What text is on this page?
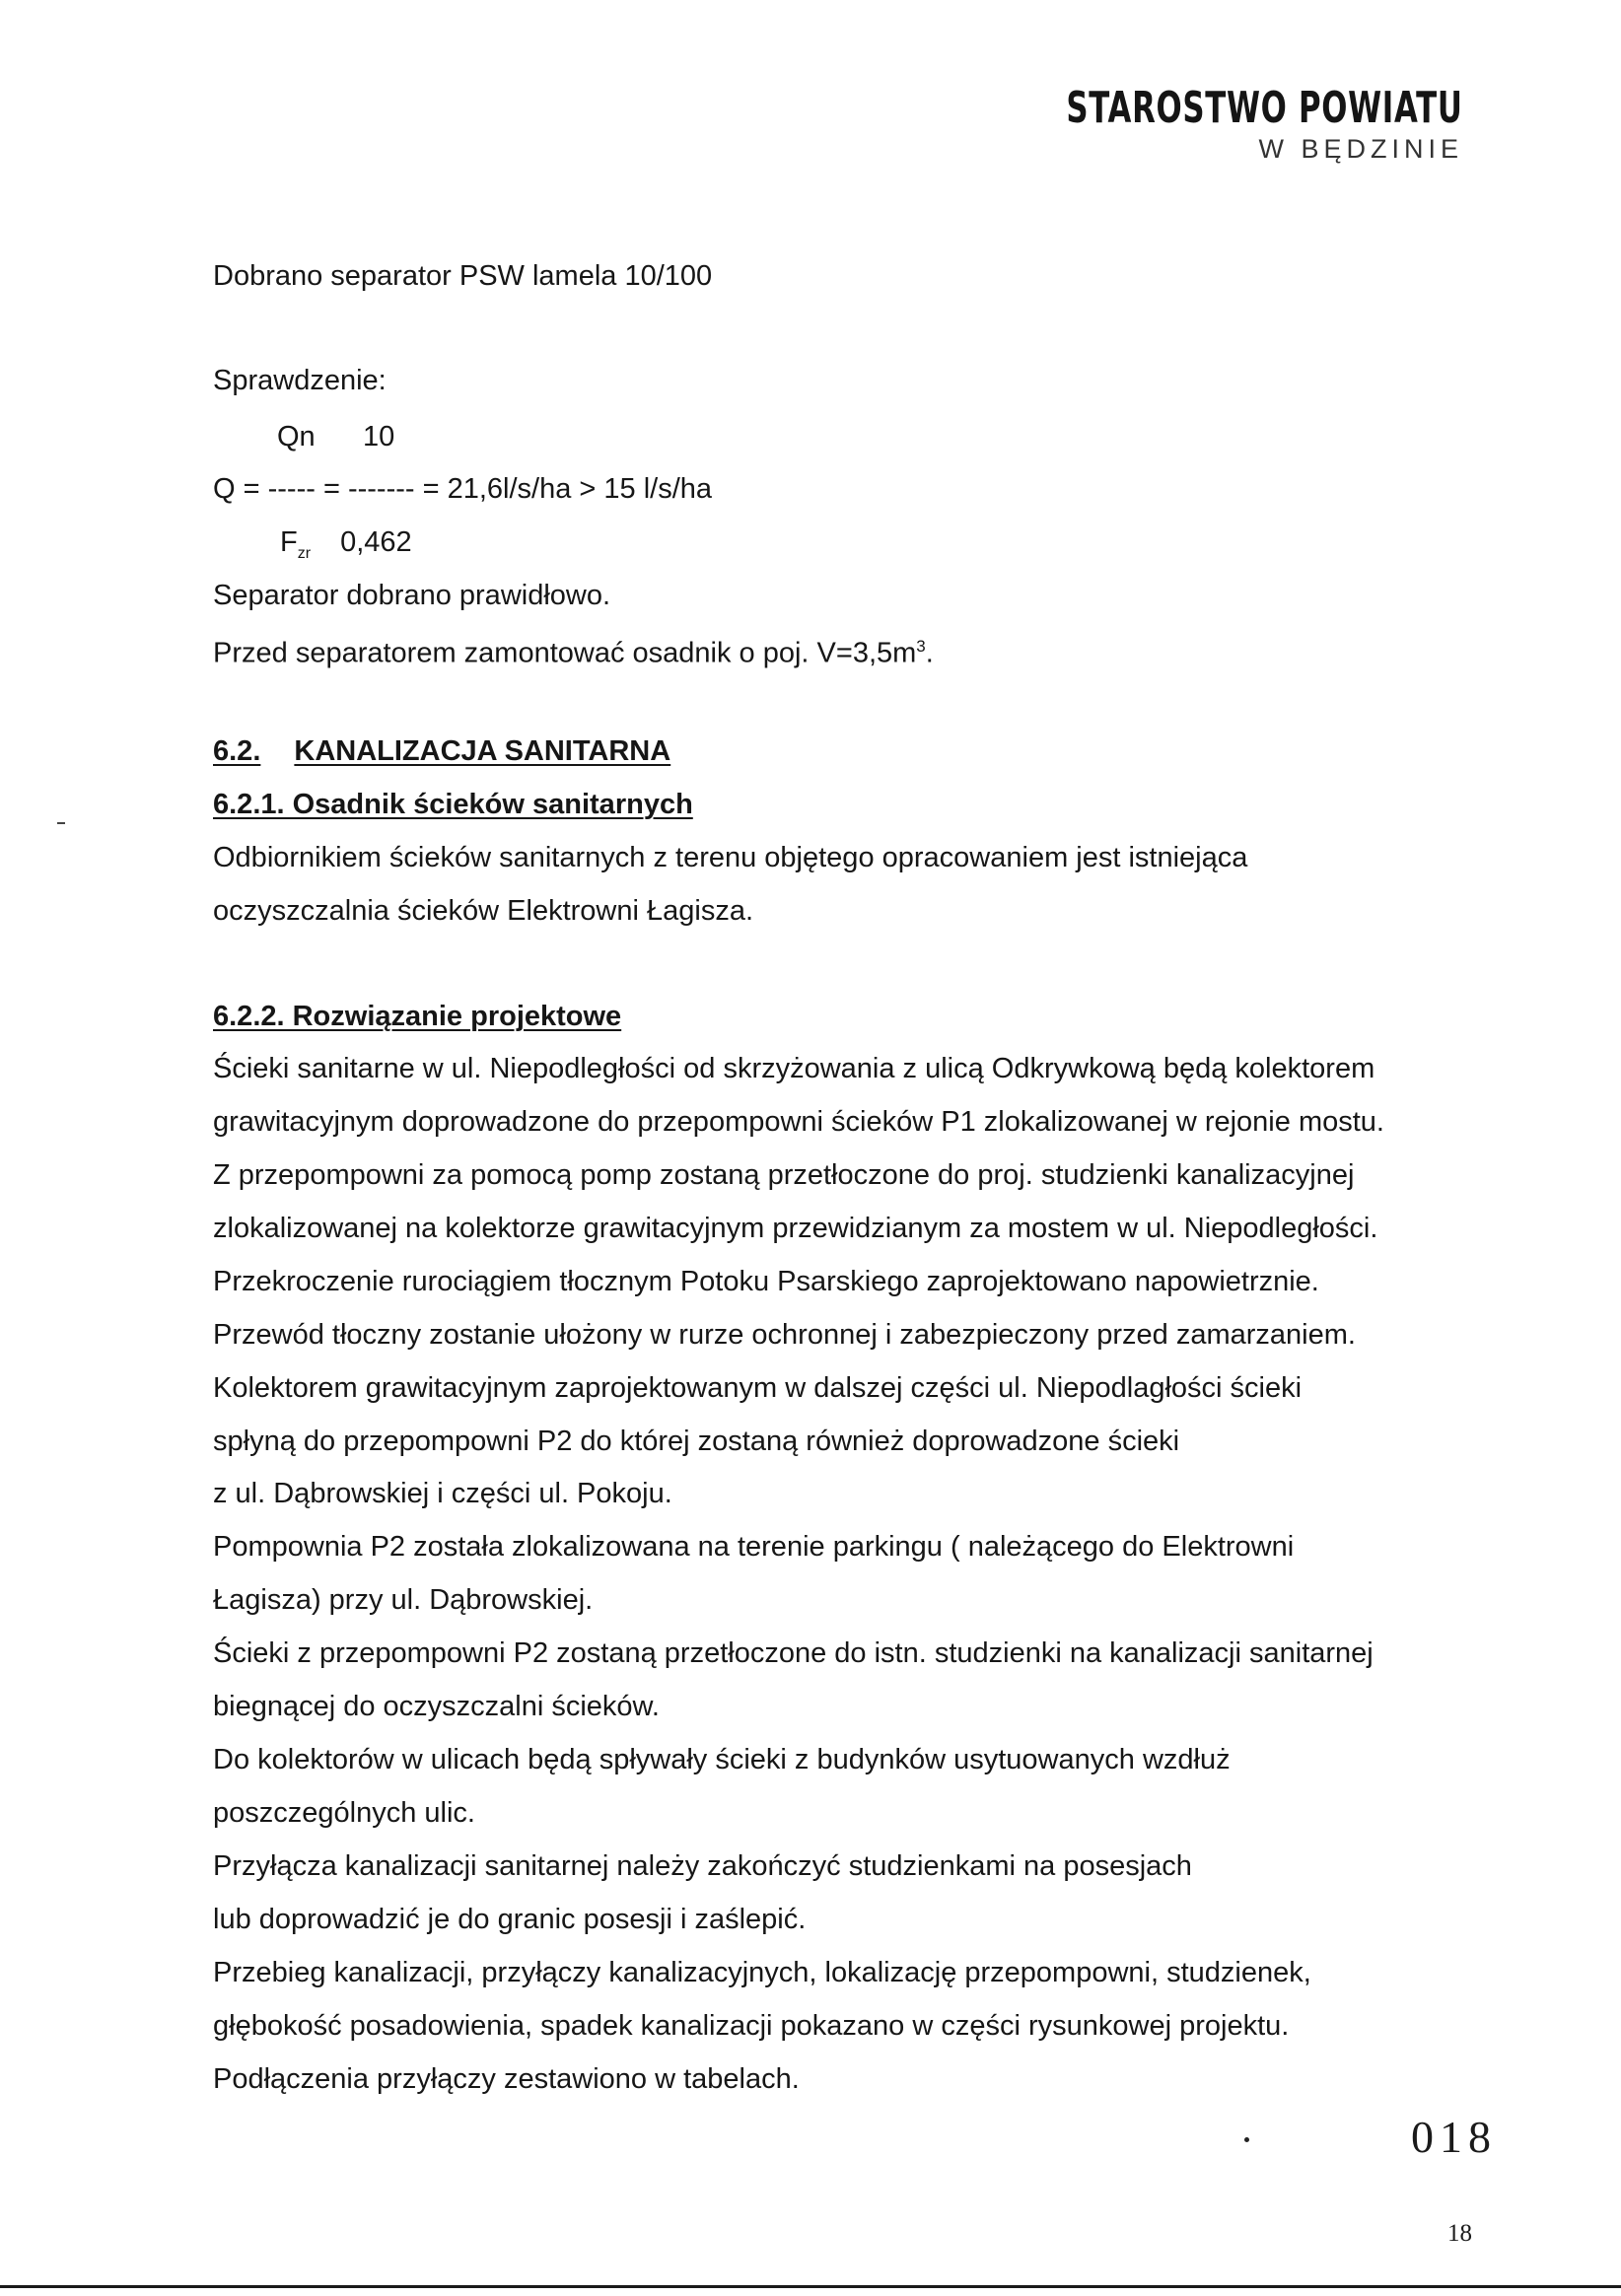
STAROSTWO POWIATU
W BĘDZINIE
Dobrano separator PSW lamela 10/100
Sprawdzenie:
Qn      10
Q = ----- = ------- = 21,6l/s/ha > 15 l/s/ha
$F_{zr}$ 0,462
Separator dobrano prawidłowo.
Przed separatorem zamontować osadnik o poj. $V=3,5m^3$.
6.2. KANALIZACJA SANITARNA
6.2.1. Osadnik ścieków sanitarnych
Odbiornikiem ścieków sanitarnych z terenu objętego opracowaniem jest istniejąca
oczyszczalnia ścieków Elektrowni Łagisza.
6.2.2. Rozwiązanie projektowe
Ścieki sanitarne w ul. Niepodległości od skrzyżowania z ulicą Odkrywkową będą kolektorem
grawitacyjnym doprowadzone do przepompowni ścieków P1 zlokalizowanej w rejonie mostu.
Z przepompowni za pomocą pomp zostaną przetłoczone do proj. studzienki kanalizacyjnej
zlokalizowanej na kolektorze grawitacyjnym przewidzianym za mostem w ul. Niepodległości.
Przekroczenie rurociągiem tłocznym Potoku Psarskiego zaprojektowano napowietrznie.
Przewód tłoczny zostanie ułożony w rurze ochronnej i zabezpieczony przed zamarzaniem.
Kolektorem grawitacyjnym zaprojektowanym w dalszej części ul. Niepodlagłości ścieki
spłyną do przepompowni P2 do której zostaną również doprowadzone ścieki
z ul. Dąbrowskiej i części ul. Pokoju.
Pompownia P2 została zlokalizowana na terenie parkingu ( należącego do Elektrowni
Łagisza) przy ul. Dąbrowskiej.
Ścieki z przepompowni P2 zostaną przetłoczone do istn. studzienki na kanalizacji sanitarnej
biegnącej do oczyszczalni ścieków.
Do kolektorów w ulicach będą spływały ścieki z budynków usytuowanych wzdłuż
poszczególnych ulic.
Przyłącza kanalizacji sanitarnej należy zakończyć studzienkami na posesjach
lub doprowadzić je do granic posesji i zaślepić.
Przebieg kanalizacji, przyłączy kanalizacyjnych, lokalizację przepompowni, studzienek,
głębokość posadowienia, spadek kanalizacji pokazano w części rysunkowej projektu.
Podłączenia przyłączy zestawiono w tabelach.
018
18
